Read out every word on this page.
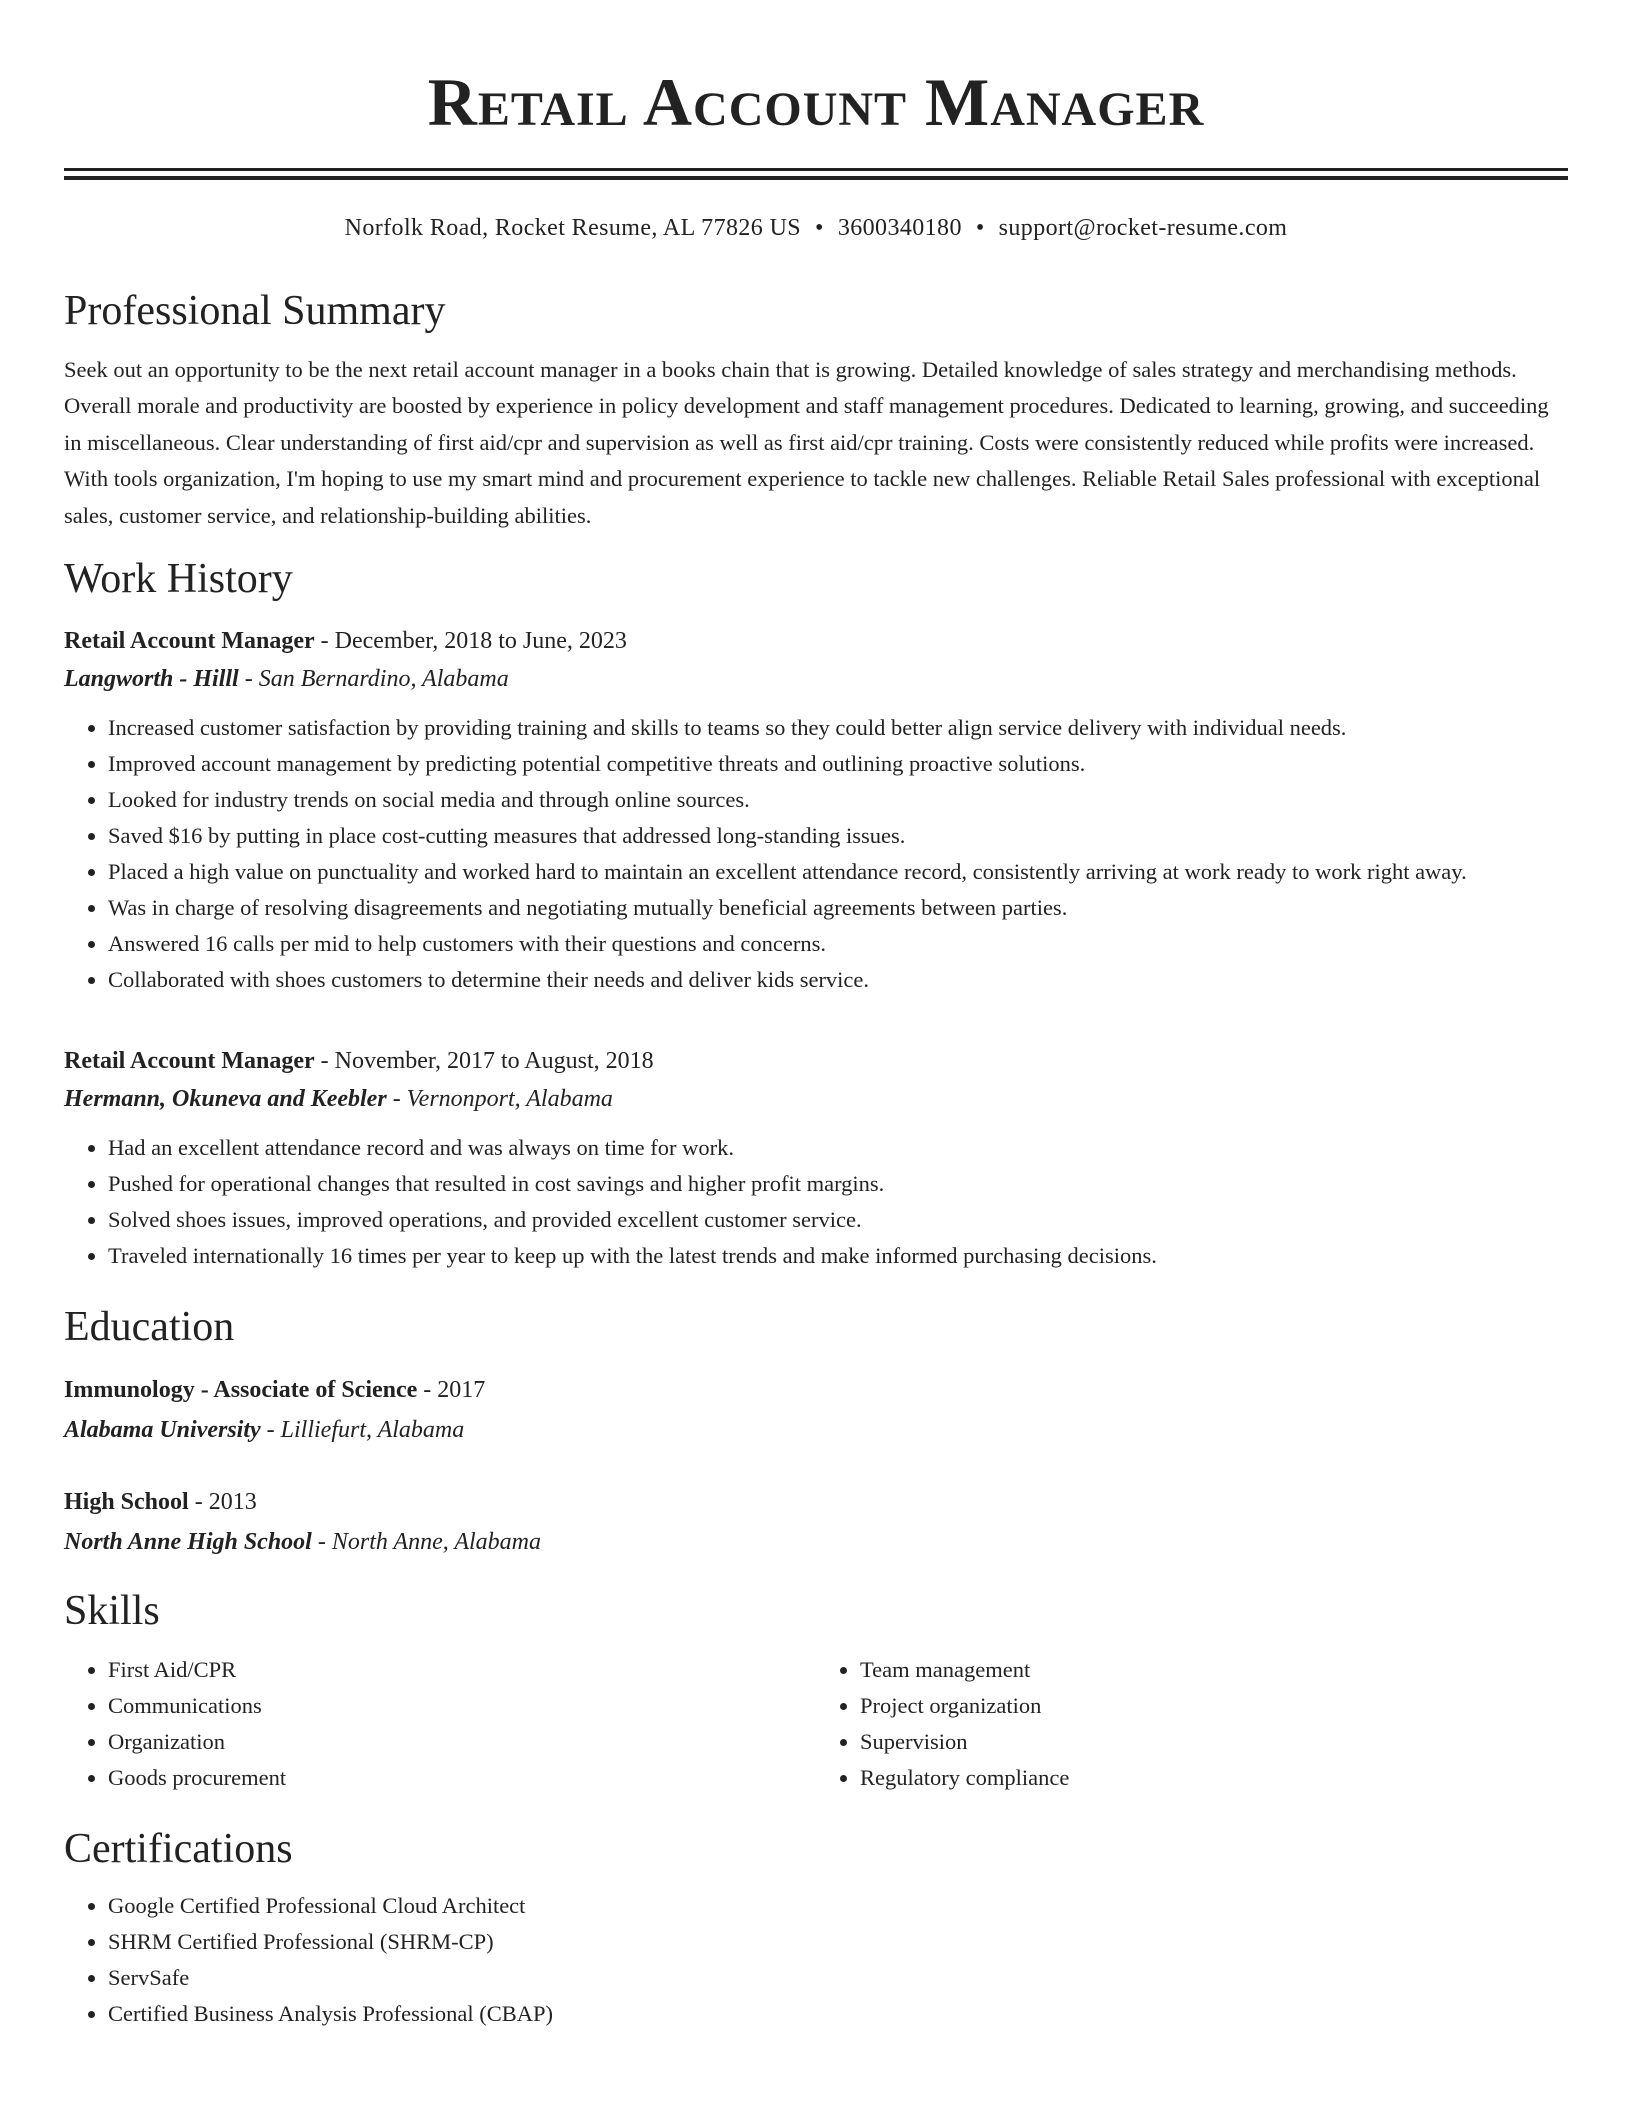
Retail Account Manager
Norfolk Road, Rocket Resume, AL 77826 US • 3600340180 • support@rocket-resume.com
Professional Summary

Seek out an opportunity to be the next retail account manager in a books chain that is growing. Detailed knowledge of sales strategy and merchandising methods. Overall morale and productivity are boosted by experience in policy development and staff management procedures. Dedicated to learning, growing, and succeeding in miscellaneous. Clear understanding of first aid/cpr and supervision as well as first aid/cpr training. Costs were consistently reduced while profits were increased. With tools organization, I'm hoping to use my smart mind and procurement experience to tackle new challenges. Reliable Retail Sales professional with exceptional sales, customer service, and relationship-building abilities.

Work History
Retail Account Manager - December, 2018 to June, 2023
Langworth - Hilll - San Bernardino, Alabama
• Increased customer satisfaction by providing training and skills to teams so they could better align service delivery with individual needs.
• Improved account management by predicting potential competitive threats and outlining proactive solutions.
• Looked for industry trends on social media and through online sources.
• Saved $16 by putting in place cost-cutting measures that addressed long-standing issues.
• Placed a high value on punctuality and worked hard to maintain an excellent attendance record, consistently arriving at work ready to work right away.
• Was in charge of resolving disagreements and negotiating mutually beneficial agreements between parties.
• Answered 16 calls per mid to help customers with their questions and concerns.
• Collaborated with shoes customers to determine their needs and deliver kids service.
Retail Account Manager - November, 2017 to August, 2018
Hermann, Okuneva and Keebler - Vernonport, Alabama
• Had an excellent attendance record and was always on time for work.
• Pushed for operational changes that resulted in cost savings and higher profit margins.
• Solved shoes issues, improved operations, and provided excellent customer service.
• Traveled internationally 16 times per year to keep up with the latest trends and make informed purchasing decisions.
Education
Immunology - Associate of Science - 2017
Alabama University - Lilliefurt, Alabama
High School - 2013
North Anne High School - North Anne, Alabama
Skills
• First Aid/CPR
• Communications
• Organization
• Goods procurement
• Team management
• Project organization
• Supervision
• Regulatory compliance
Certifications
• Google Certified Professional Cloud Architect
• SHRM Certified Professional (SHRM-CP)
• ServSafe
• Certified Business Analysis Professional (CBAP)
